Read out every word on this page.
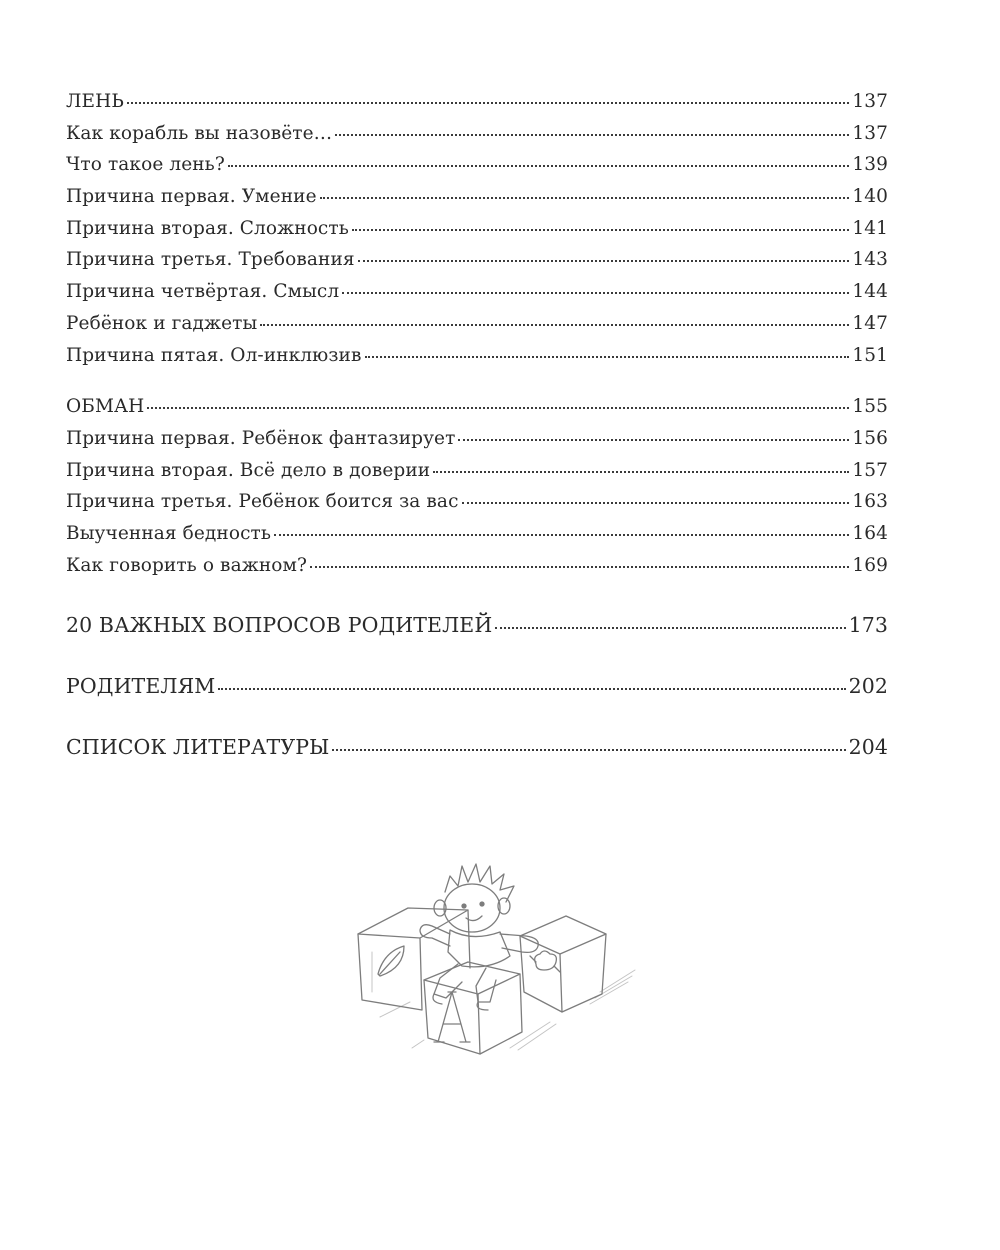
ЛЕНЬ	137
Как корабль вы назовёте…	137
Что такое лень?	139
Причина первая. Умение	140
Причина вторая. Сложность	141
Причина третья. Требования	143
Причина четвёртая. Смысл	144
Ребёнок и гаджеты	147
Причина пятая. Ол-инклюзив	151
ОБМАН	155
Причина первая. Ребёнок фантазирует	156
Причина вторая. Всё дело в доверии	157
Причина третья. Ребёнок боится за вас	163
Выученная бедность	164
Как говорить о важном?	169
20 ВАЖНЫХ ВОПРОСОВ РОДИТЕЛЕЙ	173
РОДИТЕЛЯМ	202
СПИСОК ЛИТЕРАТУРЫ	204
